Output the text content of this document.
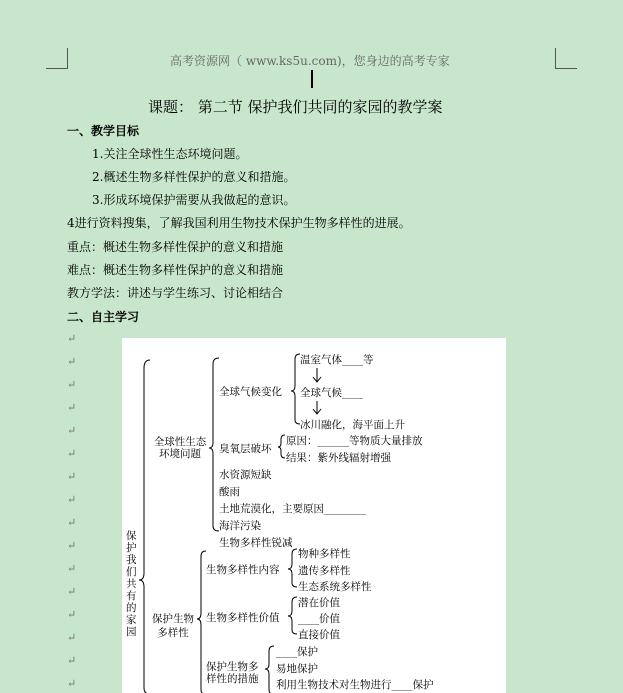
高考资源网（ www.ks5u.com)，您身边的高考专家
课题： 第二节 保护我们共同的家园的教学案
一、教学目标
1.关注全球性生态环境问题。
2.概述生物多样性保护的意义和措施。
3.形成环境保护需要从我做起的意识。
4进行资料搜集，了解我国利用生物技术保护生物多样性的进展。
重点：概述生物多样性保护的意义和措施
难点：概述生物多样性保护的意义和措施
教方学法：讲述与学生练习、讨论相结合
二、自主学习
↵
↵
↵
↵
↵
↵
↵
↵
↵
↵
↵
↵
↵
↵
↵
↵
保护我们共有的家园
全球性生态环境问题
全球气候变化
温室气体____等
全球气候____
冰川融化，海平面上升
臭氧层破坏
原因：______等物质大量排放
结果：紫外线辐射增强
水资源短缺
酸雨
土地荒漠化，主要原因________
海洋污染
生物多样性锐减
保护生物多样性
生物多样性内容
物种多样性
遗传多样性
生态系统多样性
生物多样性价值
潜在价值
____价值
直接价值
保护生物多样性的措施
____保护
易地保护
利用生物技术对生物进行____保护
